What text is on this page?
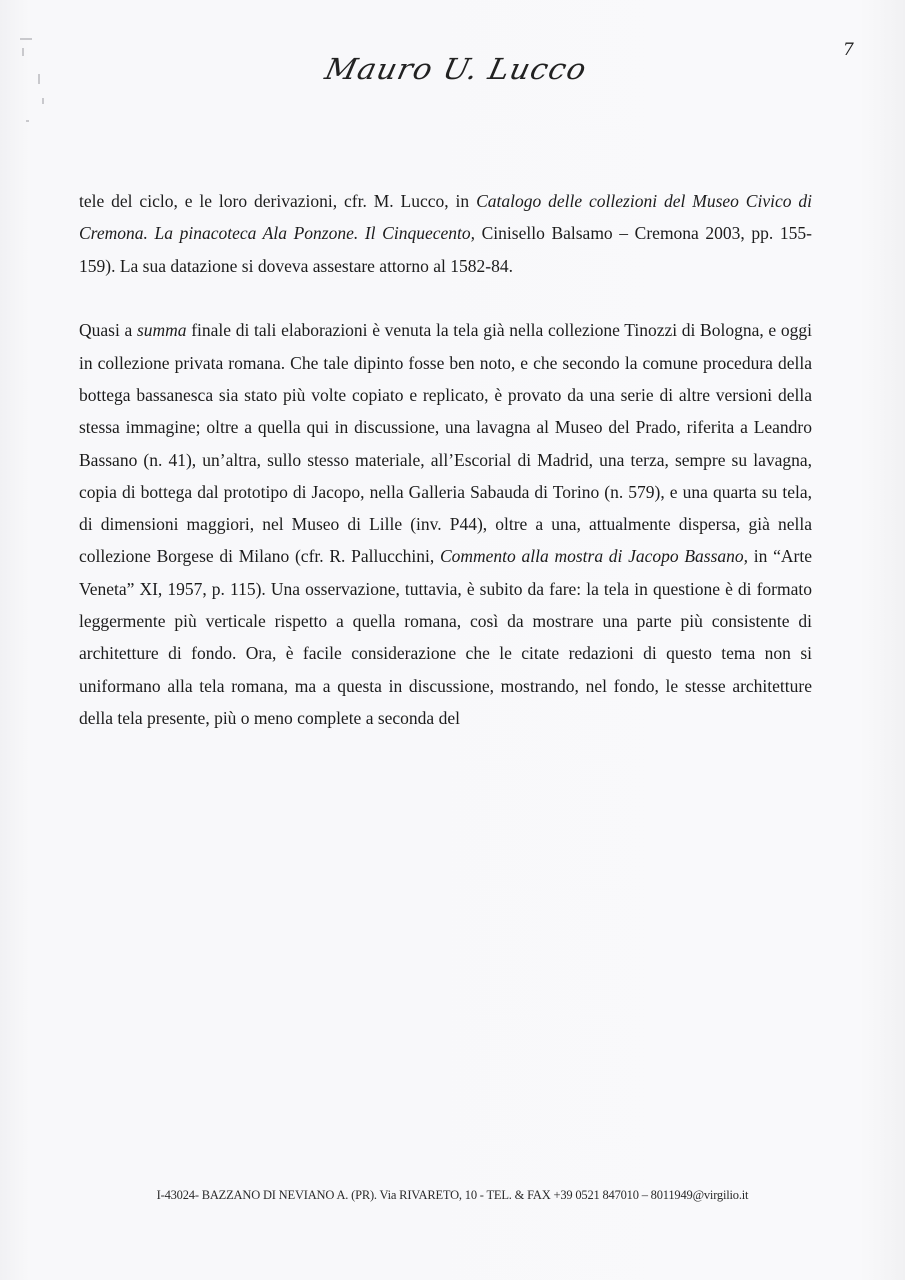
7
Mauro U. Lucco

tele del ciclo, e le loro derivazioni, cfr. M. Lucco, in Catalogo delle collezioni del Museo Civico di Cremona. La pinacoteca Ala Ponzone. Il Cinquecento, Cinisello Balsamo – Cremona 2003, pp. 155-159). La sua datazione si doveva assestare attorno al 1582-84.

Quasi a summa finale di tali elaborazioni è venuta la tela già nella collezione Tinozzi di Bologna, e oggi in collezione privata romana. Che tale dipinto fosse ben noto, e che secondo la comune procedura della bottega bassanesca sia stato più volte copiato e replicato, è provato da una serie di altre versioni della stessa immagine; oltre a quella qui in discussione, una lavagna al Museo del Prado, riferita a Leandro Bassano (n. 41), un’altra, sullo stesso materiale, all’Escorial di Madrid, una terza, sempre su lavagna, copia di bottega dal prototipo di Jacopo, nella Galleria Sabauda di Torino (n. 579), e una quarta su tela, di dimensioni maggiori, nel Museo di Lille (inv. P44), oltre a una, attualmente dispersa, già nella collezione Borgese di Milano (cfr. R. Pallucchini, Commento alla mostra di Jacopo Bassano, in “Arte Veneta” XI, 1957, p. 115). Una osservazione, tuttavia, è subito da fare: la tela in questione è di formato leggermente più verticale rispetto a quella romana, così da mostrare una parte più consistente di architetture di fondo. Ora, è facile considerazione che le citate redazioni di questo tema non si uniformano alla tela romana, ma a questa in discussione, mostrando, nel fondo, le stesse architetture della tela presente, più o meno complete a seconda del

I-43024- BAZZANO DI NEVIANO A. (PR). Via RIVARETO, 10 - TEL. & FAX +39 0521 847010 – 8011949@virgilio.it
